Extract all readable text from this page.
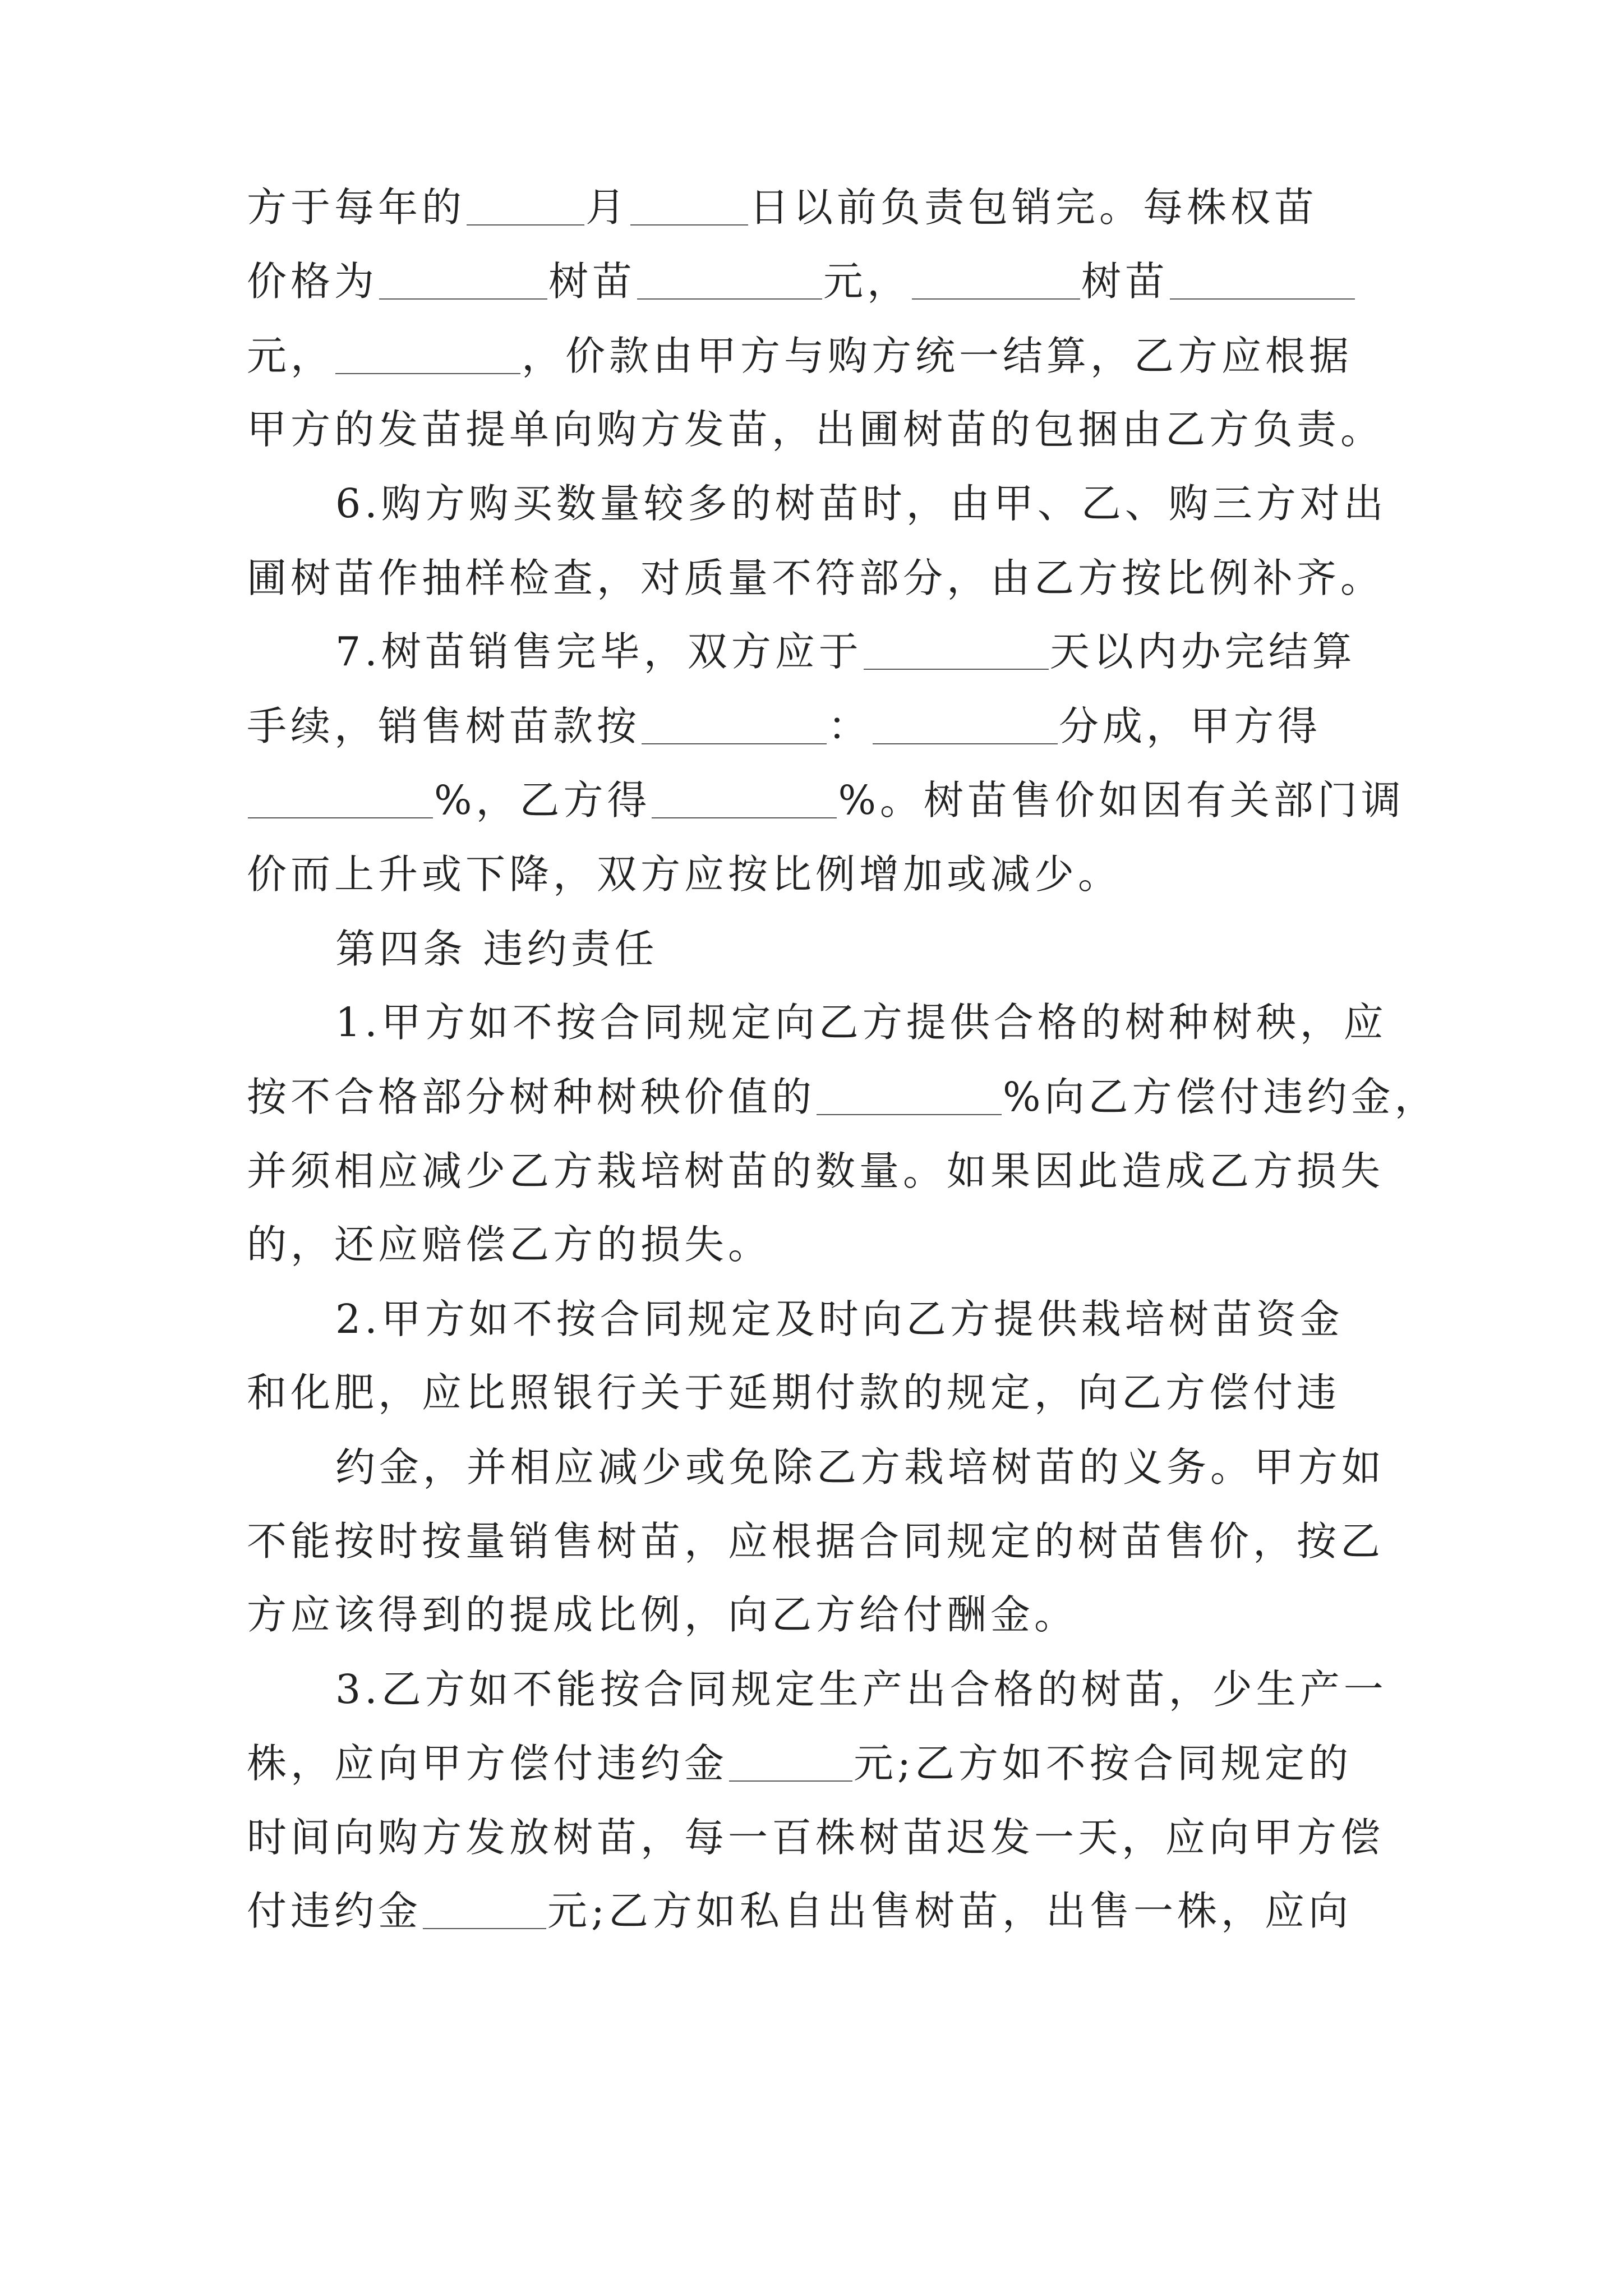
方于每年的	月	日以前负责包销完。每株权苗
价格为	树苗	元，	树苗
元，	，价款由甲方与购方统一结算，乙方应根据
甲方的发苗提单向购方发苗，出圃树苗的包捆由乙方负责。
6.购方购买数量较多的树苗时，由甲、乙、购三方对出
圃树苗作抽样检查，对质量不符部分，由乙方按比例补齐。
7.树苗销售完毕，双方应于	天以内办完结算
手续，销售树苗款按	：	分成，甲方得
%，乙方得	%。树苗售价如因有关部门调
价而上升或下降，双方应按比例增加或减少。
第四条 违约责任
1.甲方如不按合同规定向乙方提供合格的树种树秧，应
按不合格部分树种树秧价值的	%向乙方偿付违约金，
并须相应减少乙方栽培树苗的数量。如果因此造成乙方损失
的，还应赔偿乙方的损失。
2.甲方如不按合同规定及时向乙方提供栽培树苗资金
和化肥，应比照银行关于延期付款的规定，向乙方偿付违
约金，并相应减少或免除乙方栽培树苗的义务。甲方如
不能按时按量销售树苗，应根据合同规定的树苗售价，按乙
方应该得到的提成比例，向乙方给付酬金。
3.乙方如不能按合同规定生产出合格的树苗，少生产一
株，应向甲方偿付违约金	元;乙方如不按合同规定的
时间向购方发放树苗，每一百株树苗迟发一天，应向甲方偿
付违约金	元;乙方如私自出售树苗，出售一株，应向
